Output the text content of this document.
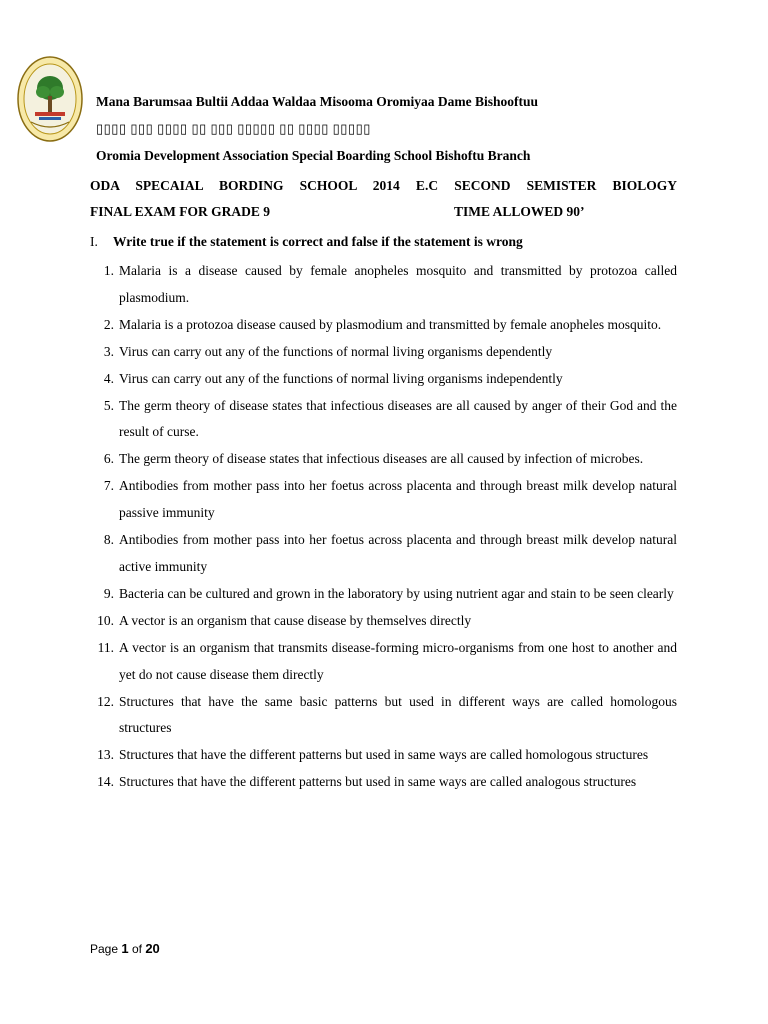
Mana Barumsaa Bultii Addaa Waldaa Misooma Oromiyaa Dame Bishooftuu
▯▯▯▯ ▯▯▯ ▯▯▯▯ ▯▯ ▯▯▯ ▯▯▯▯▯ ▯▯ ▯▯▯▯ ▯▯▯▯▯
Oromia Development Association Special Boarding School Bishoftu Branch
ODA SPECAIAL BORDING SCHOOL 2014 E.C SECOND SEMISTER BIOLOGY
FINAL EXAM FOR GRADE 9	TIME ALLOWED 90’
I. Write true if the statement is correct and false if the statement is wrong
1. Malaria is a disease caused by female anopheles mosquito and transmitted by protozoa called plasmodium.
2. Malaria is a protozoa disease caused by plasmodium and transmitted by female anopheles mosquito.
3. Virus can carry out any of the functions of normal living organisms dependently
4. Virus can carry out any of the functions of normal living organisms independently
5. The germ theory of disease states that infectious diseases are all caused by anger of their God and the result of curse.
6. The germ theory of disease states that infectious diseases are all caused by infection of microbes.
7. Antibodies from mother pass into her foetus across placenta and through breast milk develop natural passive immunity
8. Antibodies from mother pass into her foetus across placenta and through breast milk develop natural active immunity
9. Bacteria can be cultured and grown in the laboratory by using nutrient agar and stain to be seen clearly
10. A vector is an organism that cause disease by themselves directly
11. A vector is an organism that transmits disease-forming micro-organisms from one host to another and yet do not cause disease them directly
12. Structures that have the same basic patterns but used in different ways are called homologous structures
13. Structures that have the different patterns but used in same ways are called homologous structures
14. Structures that have the different patterns but used in same ways are called analogous structures
Page 1 of 20
